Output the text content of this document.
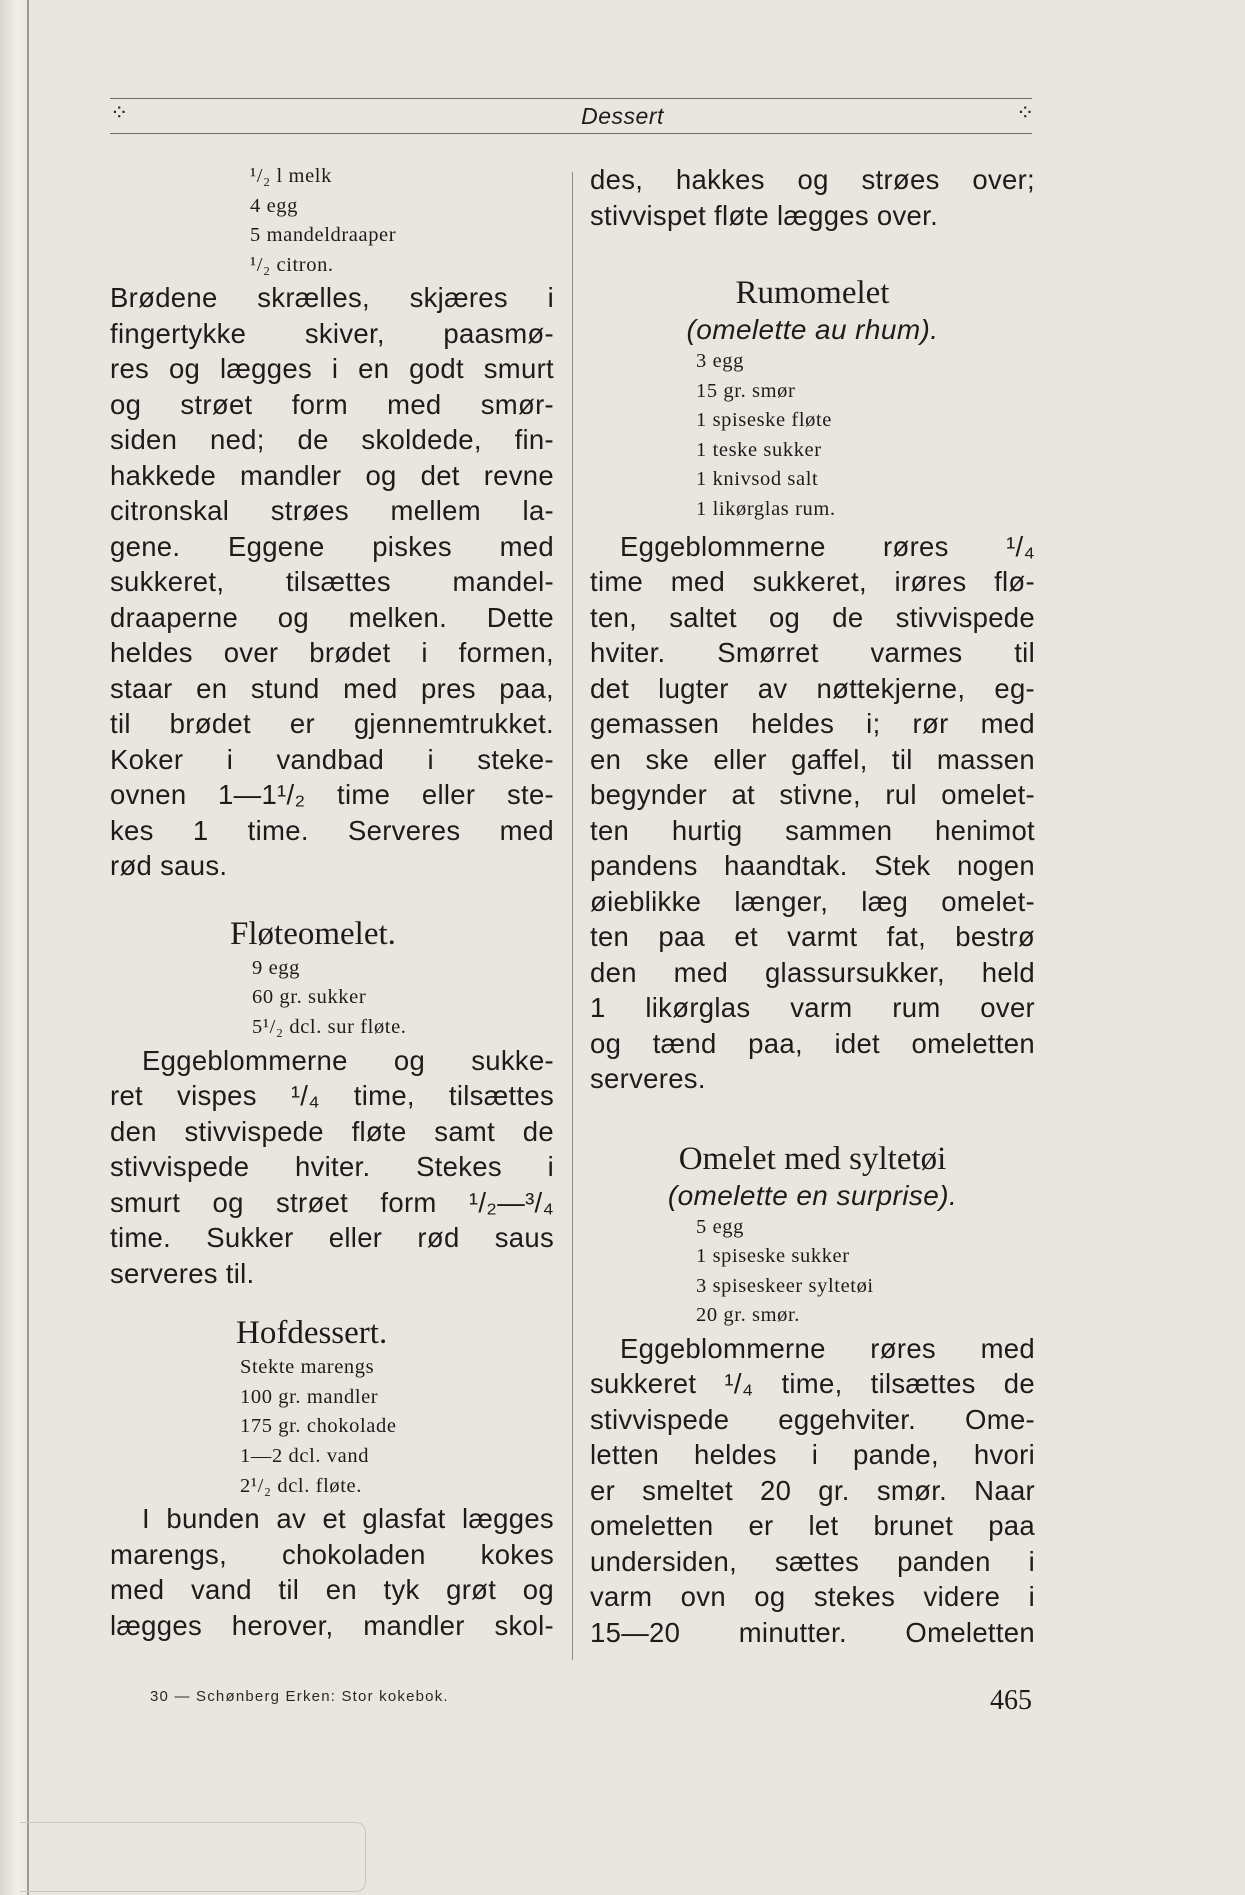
⁘	⁘
Dessert
¹/₂ l melk
4 egg
5 mandeldraaper
¹/₂ citron.
Brødene skrælles, skjæres i
fingertykke skiver, paasmø-
res og lægges i en godt smurt
og strøet form med smør-
siden ned; de skoldede, fin-
hakkede mandler og det revne
citronskal strøes mellem la-
gene. Eggene piskes med
sukkeret, tilsættes mandel-
draaperne og melken. Dette
heldes over brødet i formen,
staar en stund med pres paa,
til brødet er gjennemtrukket.
Koker i vandbad i steke-
ovnen 1—1¹/₂ time eller ste-
kes 1 time. Serveres med
rød saus.
Fløteomelet.
9 egg
60 gr. sukker
5¹/₂ dcl. sur fløte.
Eggeblommerne og sukke-
ret vispes ¹/₄ time, tilsættes
den stivvispede fløte samt de
stivvispede hviter. Stekes i
smurt og strøet form ¹/₂—³/₄
time. Sukker eller rød saus
serveres til.
Hofdessert.
Stekte marengs
100 gr. mandler
175 gr. chokolade
1—2 dcl. vand
2¹/₂ dcl. fløte.
I bunden av et glasfat lægges
marengs, chokoladen kokes
med vand til en tyk grøt og
lægges herover, mandler skol-
des, hakkes og strøes over;
stivvispet fløte lægges over.
Rumomelet
(omelette au rhum).
3 egg
15 gr. smør
1 spiseske fløte
1 teske sukker
1 knivsod salt
1 likørglas rum.
Eggeblommerne røres ¹/₄
time med sukkeret, irøres flø-
ten, saltet og de stivvispede
hviter. Smørret varmes til
det lugter av nøttekjerne, eg-
gemassen heldes i; rør med
en ske eller gaffel, til massen
begynder at stivne, rul omelet-
ten hurtig sammen henimot
pandens haandtak. Stek nogen
øieblikke længer, læg omelet-
ten paa et varmt fat, bestrø
den med glassursukker, held
1 likørglas varm rum over
og tænd paa, idet omeletten
serveres.
Omelet med syltetøi
(omelette en surprise).
5 egg
1 spiseske sukker
3 spiseskeer syltetøi
20 gr. smør.
Eggeblommerne røres med
sukkeret ¹/₄ time, tilsættes de
stivvispede eggehviter. Ome-
letten heldes i pande, hvori
er smeltet 20 gr. smør. Naar
omeletten er let brunet paa
undersiden, sættes panden i
varm ovn og stekes videre i
15—20 minutter. Omeletten
30 — Schønberg Erken: Stor kokebok.	465
